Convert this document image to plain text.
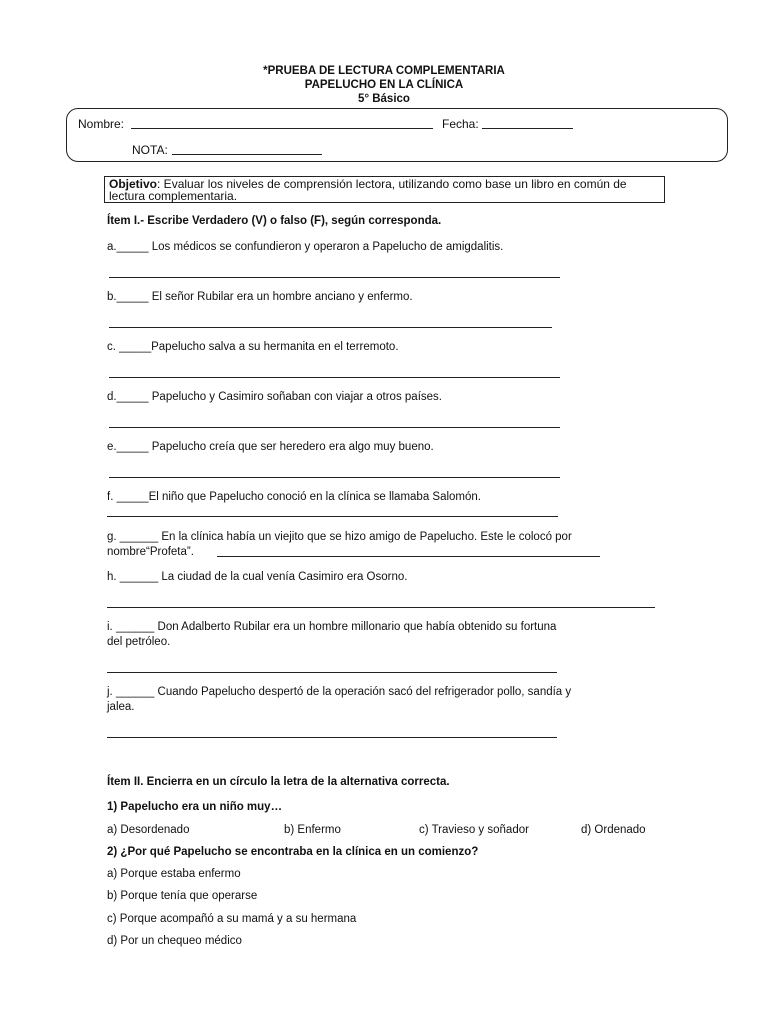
*PRUEBA DE LECTURA COMPLEMENTARIA
PAPELUCHO EN LA CLÍNICA
5° Básico
Nombre:	Fecha:
NOTA:
Objetivo: Evaluar los niveles de comprensión lectora, utilizando como base un libro en común de lectura complementaria.
Ítem I.- Escribe Verdadero (V) o falso (F), según corresponda.
a._____ Los médicos se confundieron y operaron a Papelucho de amigdalitis.
b._____ El señor Rubilar era un hombre anciano y enfermo.
c. _____Papelucho salva a su hermanita en el terremoto.
d._____ Papelucho y Casimiro soñaban con viajar a otros países.
e._____ Papelucho creía que ser heredero era algo muy bueno.
f. _____El niño que Papelucho conoció en la clínica se llamaba Salomón.
g. ______ En la clínica había un viejito que se hizo amigo de Papelucho. Este le colocó por
nombre“Profeta”.
h. ______ La ciudad de la cual venía Casimiro era Osorno.
i. ______ Don Adalberto Rubilar era un hombre millonario que había obtenido su fortuna
del petróleo.
j. ______ Cuando Papelucho despertó de la operación sacó del refrigerador pollo, sandía y
jalea.
Ítem II. Encierra en un círculo la letra de la alternativa correcta.
1) Papelucho era un niño muy…
a) Desordenado	b) Enfermo	c) Travieso y soñador	d) Ordenado
2) ¿Por qué Papelucho se encontraba en la clínica en un comienzo?
a) Porque estaba enfermo
b) Porque tenía que operarse
c) Porque acompañó a su mamá y a su hermana
d) Por un chequeo médico
